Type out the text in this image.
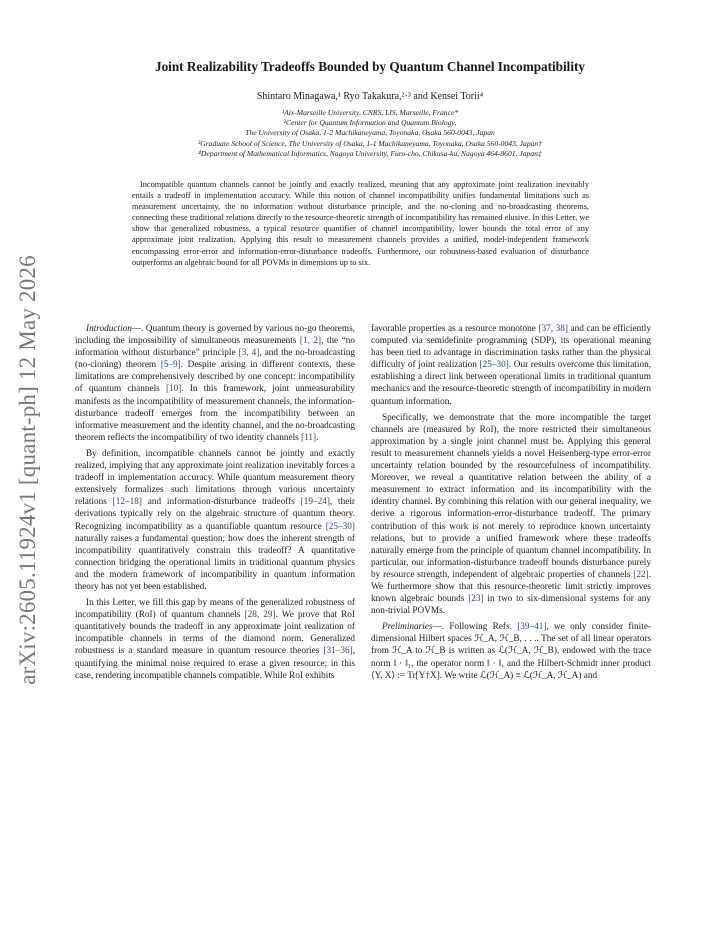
arXiv:2605.11924v1 [quant-ph] 12 May 2026
Joint Realizability Tradeoffs Bounded by Quantum Channel Incompatibility
Shintaro Minagawa,¹ Ryo Takakura,²·³ and Kensei Torii⁴
¹Aix-Marseille University, CNRS, LIS, Marseille, France*
²Center for Quantum Information and Quantum Biology,
The University of Osaka, 1-2 Machikaneyama, Toyonaka, Osaka 560-0043, Japan
³Graduate School of Science, The University of Osaka, 1-1 Machikaneyama, Toyonaka, Osaka 560-0043, Japan†
⁴Department of Mathematical Informatics, Nagoya University, Furo-cho, Chikusa-ku, Nagoya 464-8601, Japan‡

Incompatible quantum channels cannot be jointly and exactly realized, meaning that any approximate joint realization inevitably entails a tradeoff in implementation accuracy. While this notion of channel incompatibility unifies fundamental limitations such as measurement uncertainty, the no information without disturbance principle, and the no-cloning and no-broadcasting theorems, connecting these traditional relations directly to the resource-theoretic strength of incompatibility has remained elusive. In this Letter, we show that generalized robustness, a typical resource quantifier of channel incompatibility, lower bounds the total error of any approximate joint realization. Applying this result to measurement channels provides a unified, model-independent framework encompassing error-error and information-error-disturbance tradeoffs. Furthermore, our robustness-based evaluation of disturbance outperforms an algebraic bound for all POVMs in dimensions up to six.

Introduction—. Quantum theory is governed by various no-go theorems, including the impossibility of simultaneous measurements [1, 2], the “no information without disturbance” principle [3, 4], and the no-broadcasting (no-cloning) theorem [5–9]. Despite arising in different contexts, these limitations are comprehensively described by one concept: incompatibility of quantum channels [10]. In this framework, joint unmeasurability manifests as the incompatibility of measurement channels, the information-disturbance tradeoff emerges from the incompatibility between an informative measurement and the identity channel, and the no-broadcasting theorem reflects the incompatibility of two identity channels [11].

By definition, incompatible channels cannot be jointly and exactly realized, implying that any approximate joint realization inevitably forces a tradeoff in implementation accuracy. While quantum measurement theory extensively formalizes such limitations through various uncertainty relations [12–18] and information-disturbance tradeoffs [19–24], their derivations typically rely on the algebraic structure of quantum theory. Recognizing incompatibility as a quantifiable quantum resource [25–30] naturally raises a fundamental question; how does the inherent strength of incompatibility quantitatively constrain this tradeoff? A quantitative connection bridging the operational limits in traditional quantum physics and the modern framework of incompatibility in quantum information theory has not yet been established.

In this Letter, we fill this gap by means of the generalized robustness of incompatibility (RoI) of quantum channels [28, 29]. We prove that RoI quantitatively bounds the tradeoff in any approximate joint realization of incompatible channels in terms of the diamond norm. Generalized robustness is a standard measure in quantum resource theories [31–36], quantifying the minimal noise required to erase a given resource; in this case, rendering incompatible channels compatible. While RoI exhibits

favorable properties as a resource monotone [37, 38] and can be efficiently computed via semidefinite programming (SDP), its operational meaning has been tied to advantage in discrimination tasks rather than the physical difficulty of joint realization [25–30]. Our results overcome this limitation, establishing a direct link between operational limits in traditional quantum mechanics and the resource-theoretic strength of incompatibility in modern quantum information.

Specifically, we demonstrate that the more incompatible the target channels are (measured by RoI), the more restricted their simultaneous approximation by a single joint channel must be. Applying this general result to measurement channels yields a novel Heisenberg-type error-error uncertainty relation bounded by the resourcefulness of incompatibility. Moreover, we reveal a quantitative relation between the ability of a measurement to extract information and its incompatibility with the identity channel. By combining this relation with our general inequality, we derive a rigorous information-error-disturbance tradeoff. The primary contribution of this work is not merely to reproduce known uncertainty relations, but to provide a unified framework where these tradeoffs naturally emerge from the principle of quantum channel incompatibility. In particular, our information-disturbance tradeoff bounds disturbance purely by resource strength, independent of algebraic properties of channels [22]. We furthermore show that this resource-theoretic limit strictly improves known algebraic bounds [23] in two to six-dimensional systems for any non-trivial POVMs.

Preliminaries—. Following Refs. [39–41], we only consider finite-dimensional Hilbert spaces ℋ_A, ℋ_B, . . .. The set of all linear operators from ℋ_A to ℋ_B is written as ℒ(ℋ_A, ℋ_B), endowed with the trace norm ‖ · ‖₁, the operator norm ‖ · ‖, and the Hilbert-Schmidt inner product ⟨Y, X⟩ := Tr[Y†X]. We write ℒ(ℋ_A) ≡ ℒ(ℋ_A, ℋ_A) and
